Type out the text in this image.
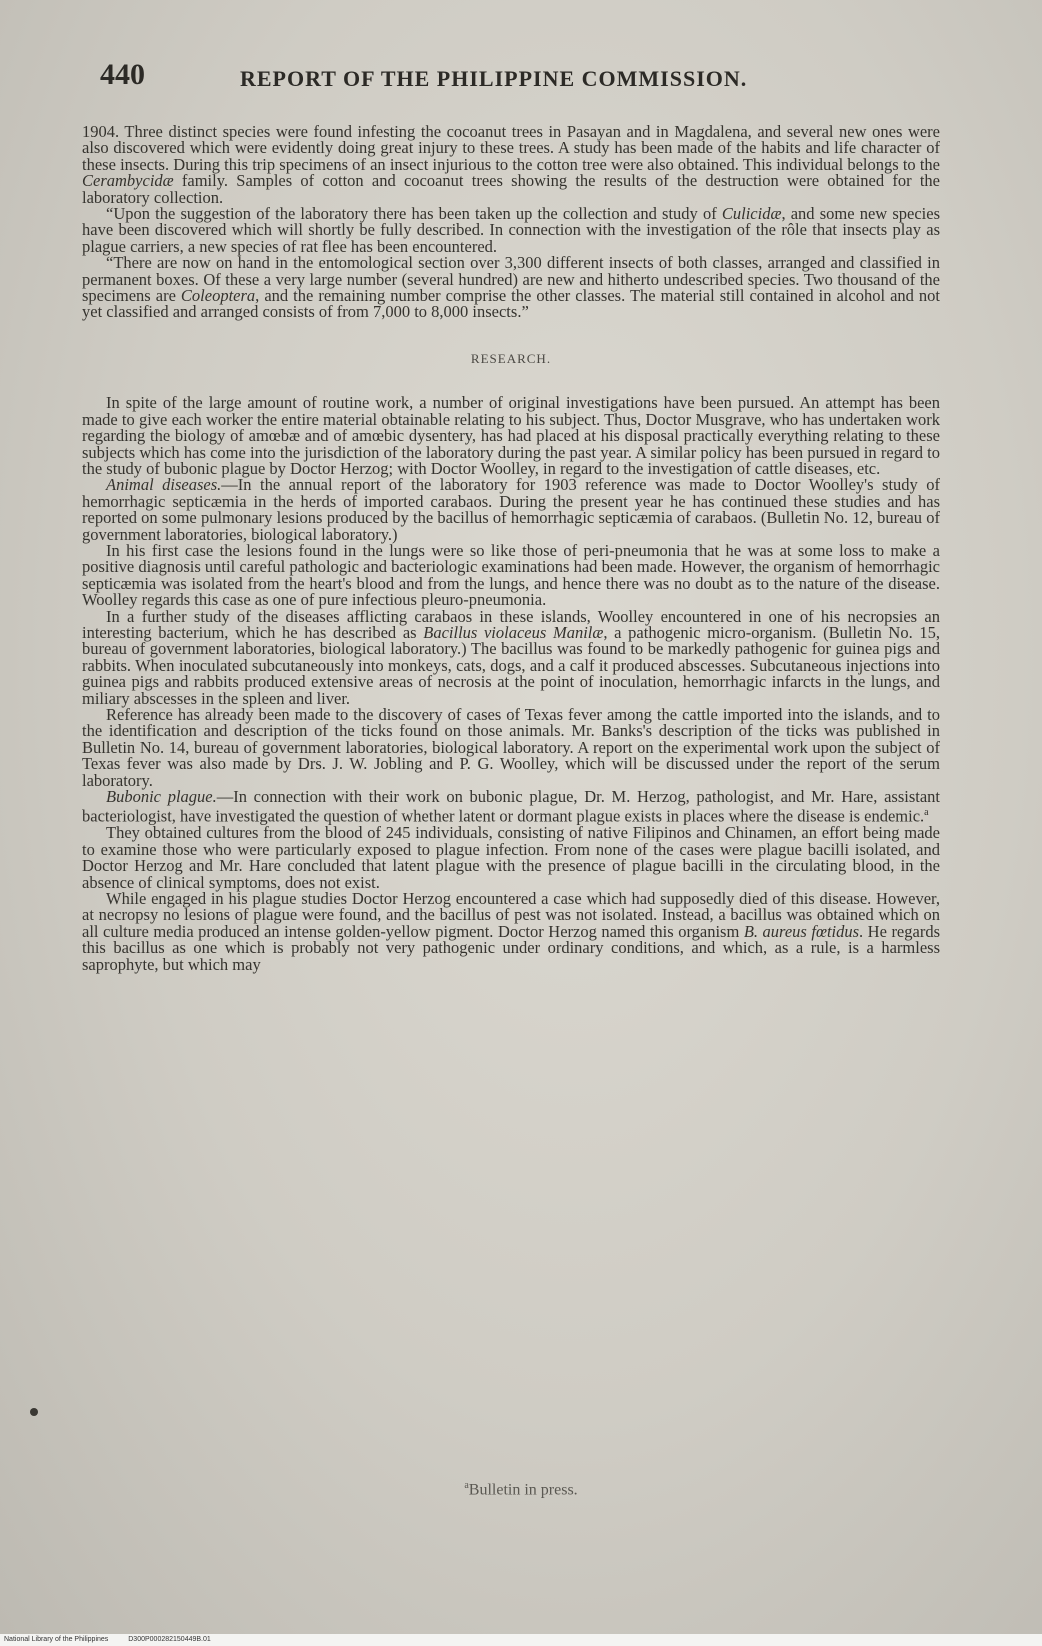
440	REPORT OF THE PHILIPPINE COMMISSION.

1904. Three distinct species were found infesting the cocoanut trees in Pasayan and in Magdalena, and several new ones were also discovered which were evidently doing great injury to these trees. A study has been made of the habits and life character of these insects. During this trip specimens of an insect injurious to the cotton tree were also obtained. This individual belongs to the Cerambycidæ family. Samples of cotton and cocoanut trees showing the results of the destruction were obtained for the laboratory collection.

“Upon the suggestion of the laboratory there has been taken up the collection and study of Culicidæ, and some new species have been discovered which will shortly be fully described. In connection with the investigation of the rôle that insects play as plague carriers, a new species of rat flee has been encountered.

“There are now on hand in the entomological section over 3,300 different insects of both classes, arranged and classified in permanent boxes. Of these a very large number (several hundred) are new and hitherto undescribed species. Two thousand of the specimens are Coleoptera, and the remaining number comprise the other classes. The material still contained in alcohol and not yet classified and arranged consists of from 7,000 to 8,000 insects.”

RESEARCH.

In spite of the large amount of routine work, a number of original investigations have been pursued. An attempt has been made to give each worker the entire material obtainable relating to his subject. Thus, Doctor Musgrave, who has undertaken work regarding the biology of amœbæ and of amœbic dysentery, has had placed at his disposal practically everything relating to these subjects which has come into the jurisdiction of the laboratory during the past year. A similar policy has been pursued in regard to the study of bubonic plague by Doctor Herzog; with Doctor Woolley, in regard to the investigation of cattle diseases, etc.

Animal diseases.—In the annual report of the laboratory for 1903 reference was made to Doctor Woolley's study of hemorrhagic septicæmia in the herds of imported carabaos. During the present year he has continued these studies and has reported on some pulmonary lesions produced by the bacillus of hemorrhagic septicæmia of carabaos. (Bulletin No. 12, bureau of government laboratories, biological laboratory.)

In his first case the lesions found in the lungs were so like those of peri-pneumonia that he was at some loss to make a positive diagnosis until careful pathologic and bacteriologic examinations had been made. However, the organism of hemorrhagic septicæmia was isolated from the heart's blood and from the lungs, and hence there was no doubt as to the nature of the disease. Woolley regards this case as one of pure infectious pleuro-pneumonia.

In a further study of the diseases afflicting carabaos in these islands, Woolley encountered in one of his necropsies an interesting bacterium, which he has described as Bacillus violaceus Manilæ, a pathogenic micro-organism. (Bulletin No. 15, bureau of government laboratories, biological laboratory.) The bacillus was found to be markedly pathogenic for guinea pigs and rabbits. When inoculated subcutaneously into monkeys, cats, dogs, and a calf it produced abscesses. Subcutaneous injections into guinea pigs and rabbits produced extensive areas of necrosis at the point of inoculation, hemorrhagic infarcts in the lungs, and miliary abscesses in the spleen and liver.

Reference has already been made to the discovery of cases of Texas fever among the cattle imported into the islands, and to the identification and description of the ticks found on those animals. Mr. Banks's description of the ticks was published in Bulletin No. 14, bureau of government laboratories, biological laboratory. A report on the experimental work upon the subject of Texas fever was also made by Drs. J. W. Jobling and P. G. Woolley, which will be discussed under the report of the serum laboratory.

Bubonic plague.—In connection with their work on bubonic plague, Dr. M. Herzog, pathologist, and Mr. Hare, assistant bacteriologist, have investigated the question of whether latent or dormant plague exists in places where the disease is endemic.$^a$

They obtained cultures from the blood of 245 individuals, consisting of native Filipinos and Chinamen, an effort being made to examine those who were particularly exposed to plague infection. From none of the cases were plague bacilli isolated, and Doctor Herzog and Mr. Hare concluded that latent plague with the presence of plague bacilli in the circulating blood, in the absence of clinical symptoms, does not exist.

While engaged in his plague studies Doctor Herzog encountered a case which had supposedly died of this disease. However, at necropsy no lesions of plague were found, and the bacillus of pest was not isolated. Instead, a bacillus was obtained which on all culture media produced an intense golden-yellow pigment. Doctor Herzog named this organism B. aureus fœtidus. He regards this bacillus as one which is probably not very pathogenic under ordinary conditions, and which, as a rule, is a harmless saprophyte, but which may

$^a$Bulletin in press.
National Library of the Philippines	D300P000282150449B.01
